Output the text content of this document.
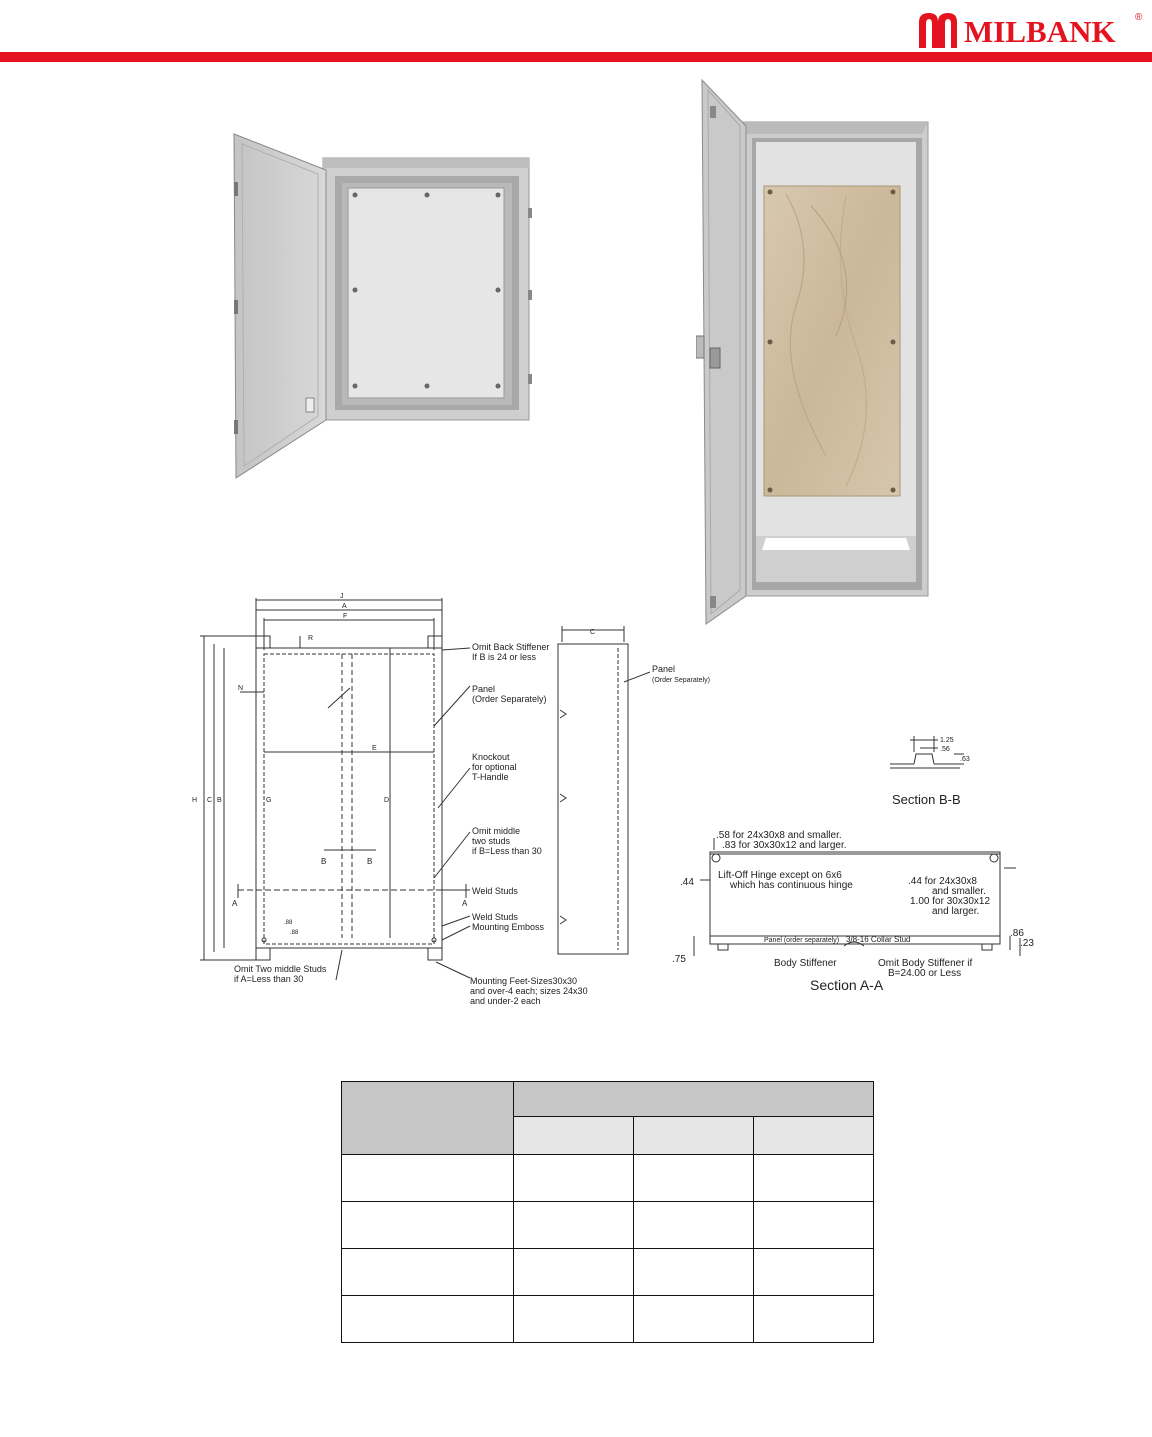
MILBANK ®
J
A
F
R
N
E
H C B	D
G
B	B
A	A
.88
.88
Omit Back Stiffener
If B is 24 or less
Panel
(Order Separately)
Knockout
for optional
T-Handle
Omit middle
two studs
if B=Less than 30
Weld Studs
Weld Studs
Mounting Emboss
Mounting Feet-Sizes30x30
and over-4 each; sizes 24x30
and under-2 each
Omit Two middle Studs
if A=Less than 30
C
Panel
(Order Separately)
1.25
.56
.63
Section B-B
.58 for 24x30x8 and smaller.
.83 for 30x30x12 and larger.
Lift-Off Hinge except on 6x6
which has continuous hinge
.44	.44 for 24x30x8
and smaller.
1.00 for 30x30x12
and larger.
Panel (order separately) 3/8-16 Collar Stud
Body Stiffener	Omit Body Stiffener if
B=24.00 or Less
.75
.86
.23
Section A-A
